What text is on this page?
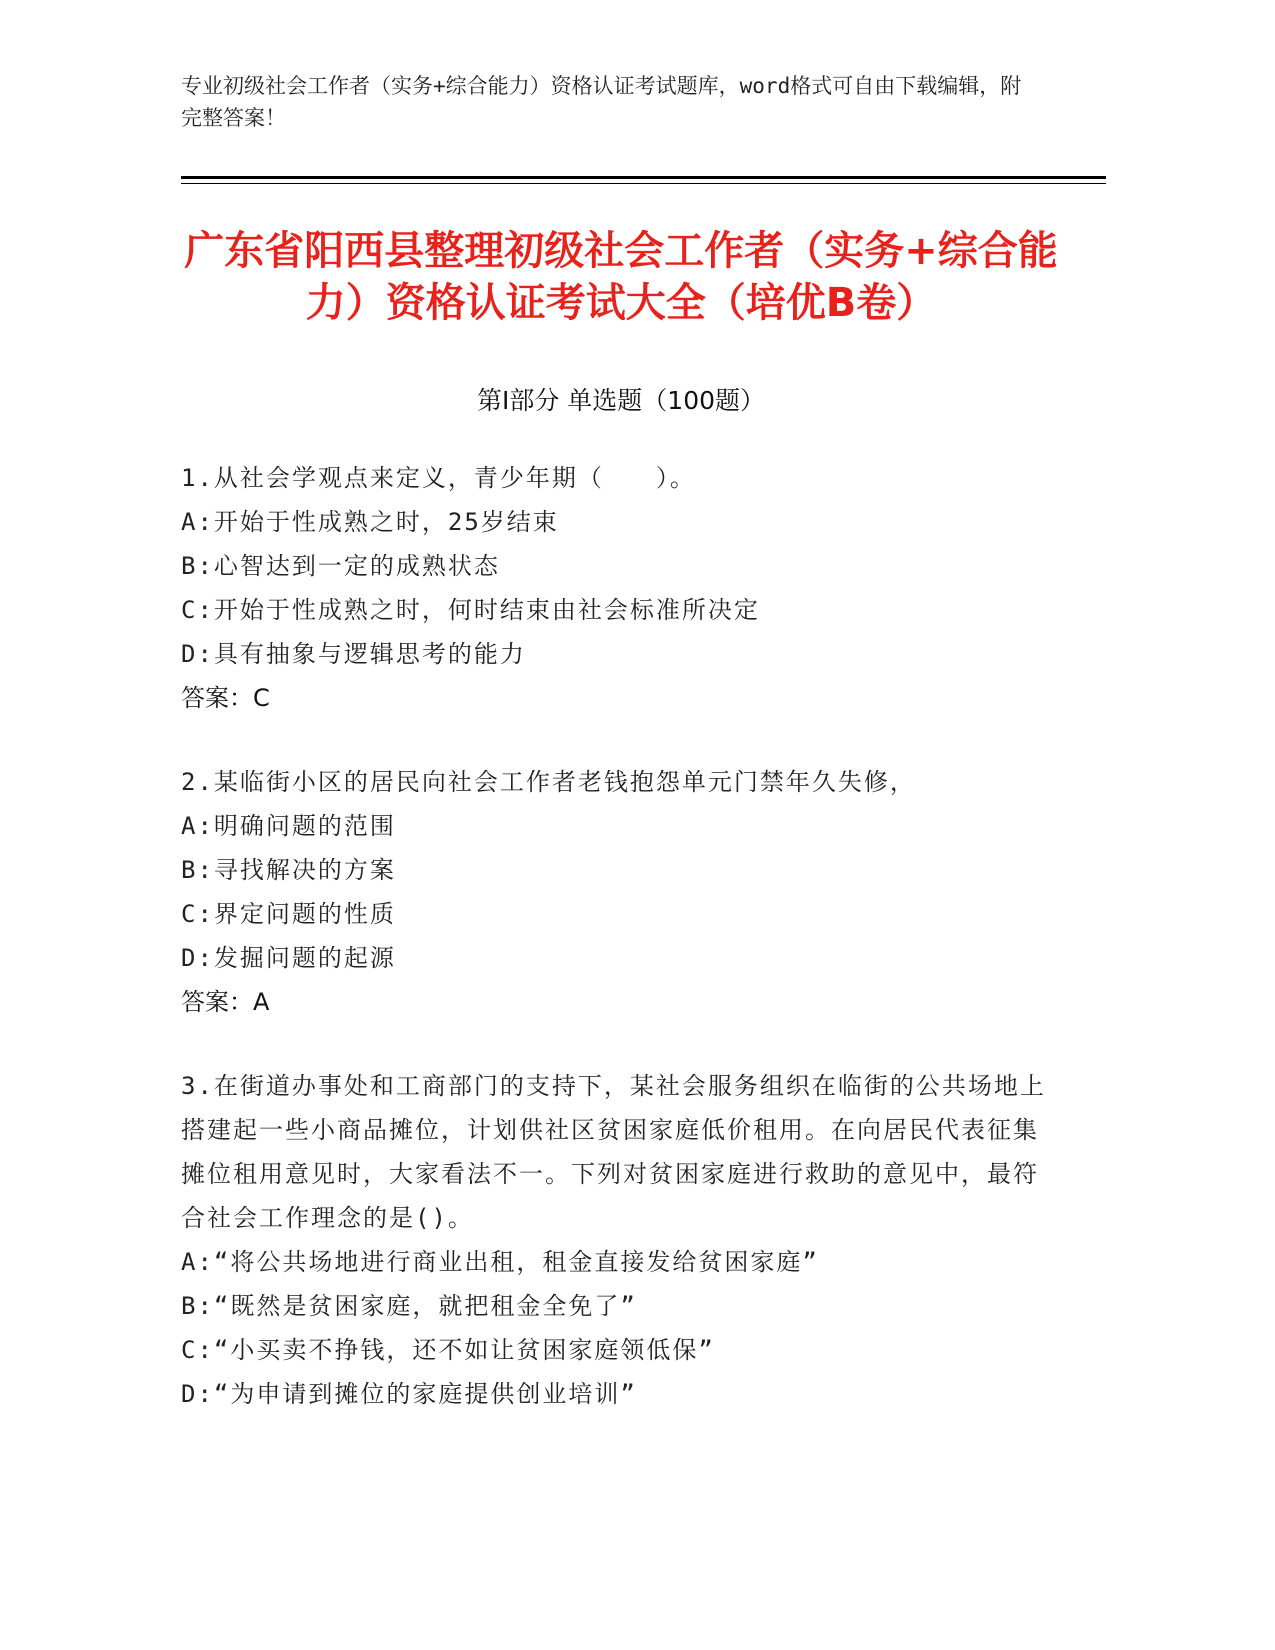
专业初级社会工作者（实务+综合能力）资格认证考试题库，word格式可自由下载编辑，附完整答案！
广东省阳西县整理初级社会工作者（实务+综合能力）资格认证考试大全（培优B卷）
第Ⅰ部分 单选题（100题）
1.从社会学观点来定义，青少年期（　　）。
A:开始于性成熟之时，25岁结束
B:心智达到一定的成熟状态
C:开始于性成熟之时，何时结束由社会标准所决定
D:具有抽象与逻辑思考的能力
答案：C
2.某临街小区的居民向社会工作者老钱抱怨单元门禁年久失修，
A:明确问题的范围
B:寻找解决的方案
C:界定问题的性质
D:发掘问题的起源
答案：A
3.在街道办事处和工商部门的支持下，某社会服务组织在临街的公共场地上搭建起一些小商品摊位，计划供社区贫困家庭低价租用。在向居民代表征集摊位租用意见时，大家看法不一。下列对贫困家庭进行救助的意见中，最符合社会工作理念的是()。
A:“将公共场地进行商业出租，租金直接发给贫困家庭”
B:“既然是贫困家庭，就把租金全免了”
C:“小买卖不挣钱，还不如让贫困家庭领低保”
D:“为申请到摊位的家庭提供创业培训”
